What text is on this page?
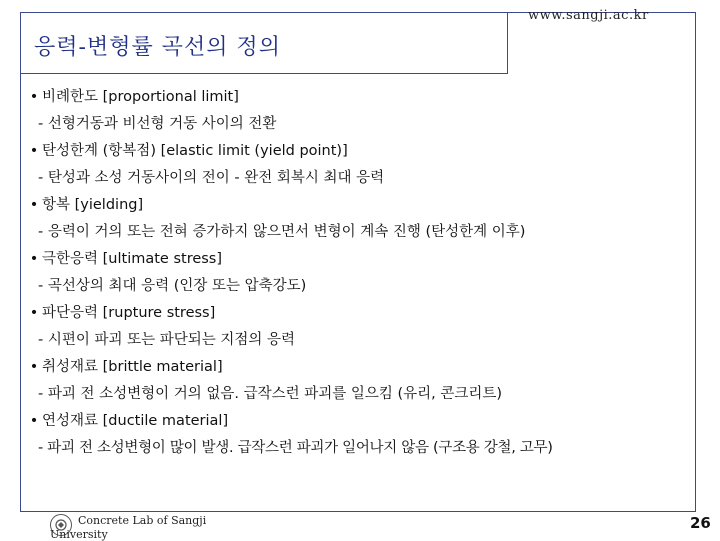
응력-변형률 곡선의 정의
www.sangji.ac.kr
• 비례한도 [proportional limit]
- 선형거동과 비선형 거동 사이의 전환
• 탄성한계 (항복점) [elastic limit (yield point)]
- 탄성과 소성 거동사이의 전이 - 완전 회복시 최대 응력
• 항복 [yielding]
- 응력이 거의 또는 전혀 증가하지 않으면서 변형이 계속 진행 (탄성한계 이후)
• 극한응력 [ultimate stress]
- 곡선상의 최대 응력 (인장 또는 압축강도)
• 파단응력 [rupture stress]
- 시편이 파괴 또는 파단되는 지점의 응력
• 취성재료 [brittle material]
- 파괴 전 소성변형이 거의 없음. 급작스런 파괴를 일으킴 (유리, 콘크리트)
• 연성재료 [ductile material]
- 파괴 전 소성변형이 많이 발생. 급작스런 파괴가 일어나지 않음 (구조용 강철, 고무)
Concrete Lab of Sangji
University
26
